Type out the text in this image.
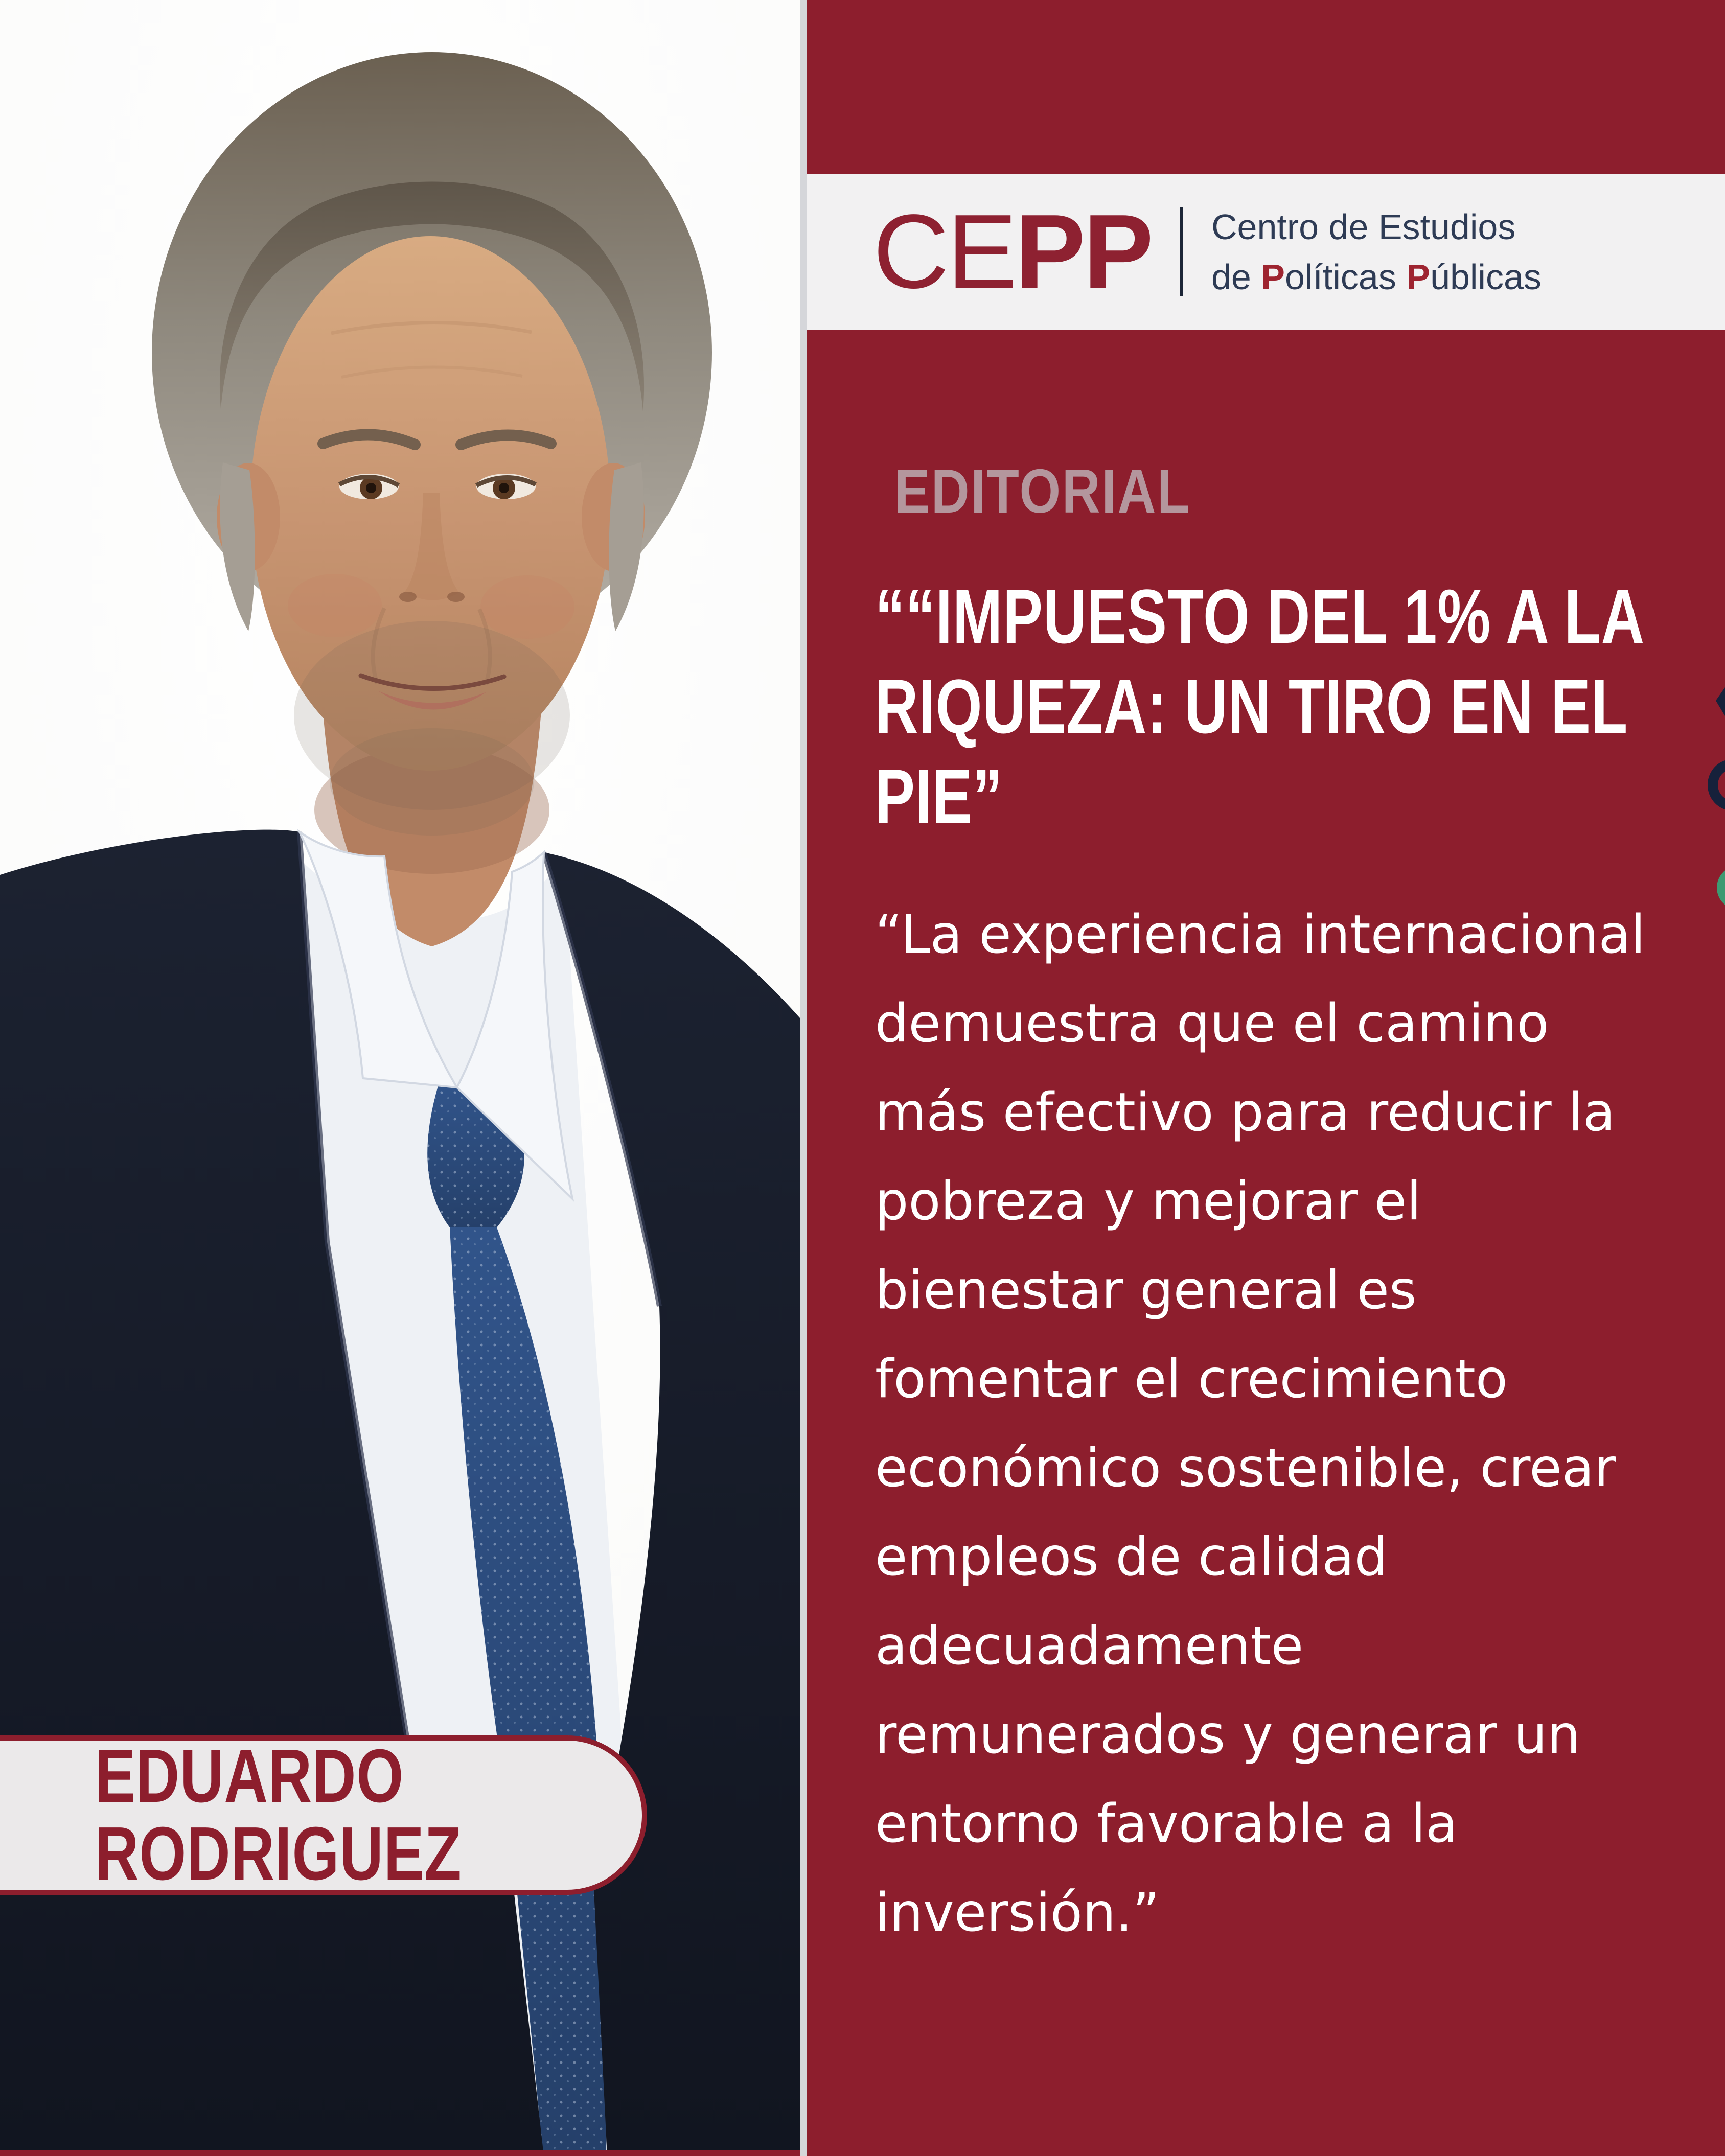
CEPP Centro de Estudios
de Políticas Públicas
EDITORIAL
““IMPUESTO DEL 1% A LA
RIQUEZA: UN TIRO EN EL
PIE”
“La experiencia internacional
demuestra que el camino
más efectivo para reducir la
pobreza y mejorar el
bienestar general es
fomentar el crecimiento
económico sostenible, crear
empleos de calidad
adecuadamente
remunerados y generar un
entorno favorable a la
inversión.”
EDUARDO
RODRIGUEZ
